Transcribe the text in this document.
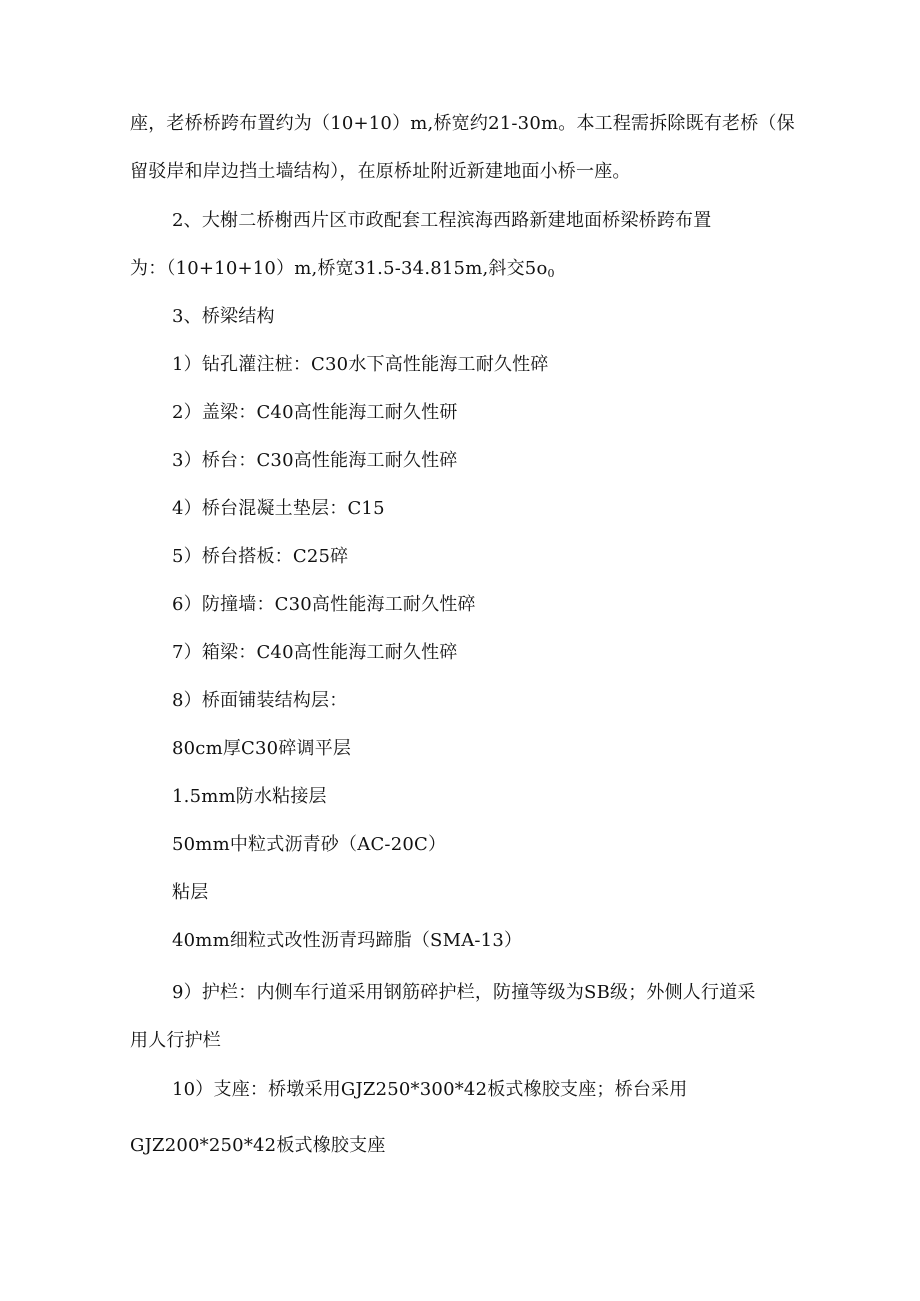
座，老桥桥跨布置约为（10+10）m,桥宽约21-30m。本工程需拆除既有老桥（保
留驳岸和岸边挡土墙结构），在原桥址附近新建地面小桥一座。
2、大榭二桥榭西片区市政配套工程滨海西路新建地面桥梁桥跨布置
为：（10+10+10）m,桥宽31.5-34.815m,斜交$5o_0$
3、桥梁结构
1）钻孔灌注桩：C30水下高性能海工耐久性碎
2）盖梁：C40高性能海工耐久性研
3）桥台：C30高性能海工耐久性碎
4）桥台混凝土垫层：C15
5）桥台搭板：C25碎
6）防撞墙：C30高性能海工耐久性碎
7）箱梁：C40高性能海工耐久性碎
8）桥面铺装结构层：
80cm厚C30碎调平层
1.5mm防水粘接层
50mm中粒式沥青砂（AC-20C）
粘层
40mm细粒式改性沥青玛蹄脂（SMA-13）
9）护栏：内侧车行道采用钢筋碎护栏，防撞等级为SB级；外侧人行道采
用人行护栏
10）支座：桥墩采用GJZ250*300*42板式橡胶支座；桥台采用
GJZ200*250*42板式橡胶支座
